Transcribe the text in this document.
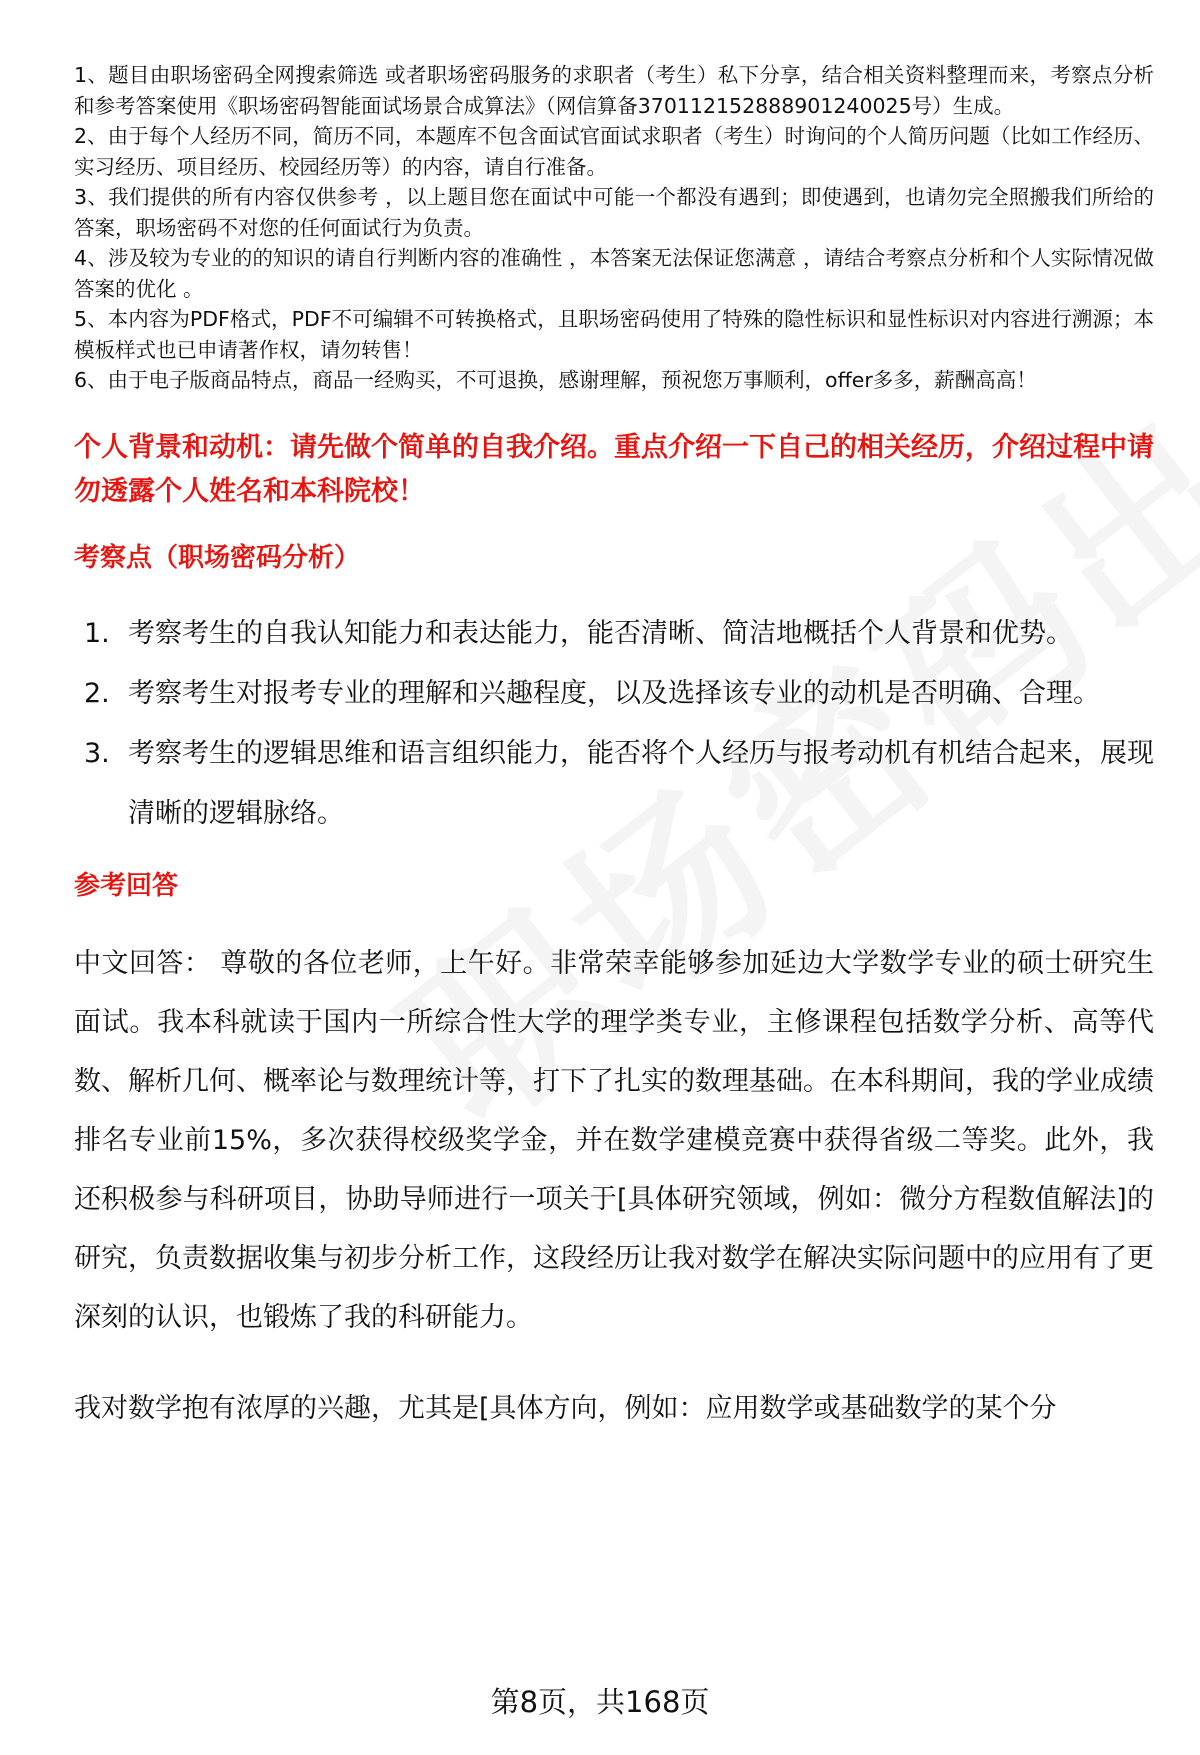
1、题目由职场密码全网搜索筛选 或者职场密码服务的求职者（考生）私下分享，结合相关资料整理而来，考察点分析和参考答案使用《职场密码智能面试场景合成算法》（网信算备370112152888901240025号）生成。
2、由于每个人经历不同，简历不同，本题库不包含面试官面试求职者（考生）时询问的个人简历问题（比如工作经历、实习经历、项目经历、校园经历等）的内容，请自行准备。
3、我们提供的所有内容仅供参考 ，以上题目您在面试中可能一个都没有遇到；即使遇到，也请勿完全照搬我们所给的答案，职场密码不对您的任何面试行为负责。
4、涉及较为专业的的知识的请自行判断内容的准确性 ，本答案无法保证您满意 ，请结合考察点分析和个人实际情况做答案的优化 。
5、本内容为PDF格式，PDF不可编辑不可转换格式，且职场密码使用了特殊的隐性标识和显性标识对内容进行溯源；本模板样式也已申请著作权，请勿转售！
6、由于电子版商品特点，商品一经购买，不可退换，感谢理解，预祝您万事顺利，offer多多，薪酬高高！
个人背景和动机：请先做个简单的自我介绍。重点介绍一下自己的相关经历，介绍过程中请勿透露个人姓名和本科院校！
考察点（职场密码分析）
1. 考察考生的自我认知能力和表达能力，能否清晰、简洁地概括个人背景和优势。
2. 考察考生对报考专业的理解和兴趣程度，以及选择该专业的动机是否明确、合理。
3. 考察考生的逻辑思维和语言组织能力，能否将个人经历与报考动机有机结合起来，展现清晰的逻辑脉络。
参考回答
中文回答： 尊敬的各位老师，上午好。非常荣幸能够参加延边大学数学专业的硕士研究生面试。我本科就读于国内一所综合性大学的理学类专业，主修课程包括数学分析、高等代数、解析几何、概率论与数理统计等，打下了扎实的数理基础。在本科期间，我的学业成绩排名专业前15%，多次获得校级奖学金，并在数学建模竞赛中获得省级二等奖。此外，我还积极参与科研项目，协助导师进行一项关于[具体研究领域，例如：微分方程数值解法]的研究，负责数据收集与初步分析工作，这段经历让我对数学在解决实际问题中的应用有了更深刻的认识，也锻炼了我的科研能力。
我对数学抱有浓厚的兴趣，尤其是[具体方向，例如：应用数学或基础数学的某个分
第8页，共168页
